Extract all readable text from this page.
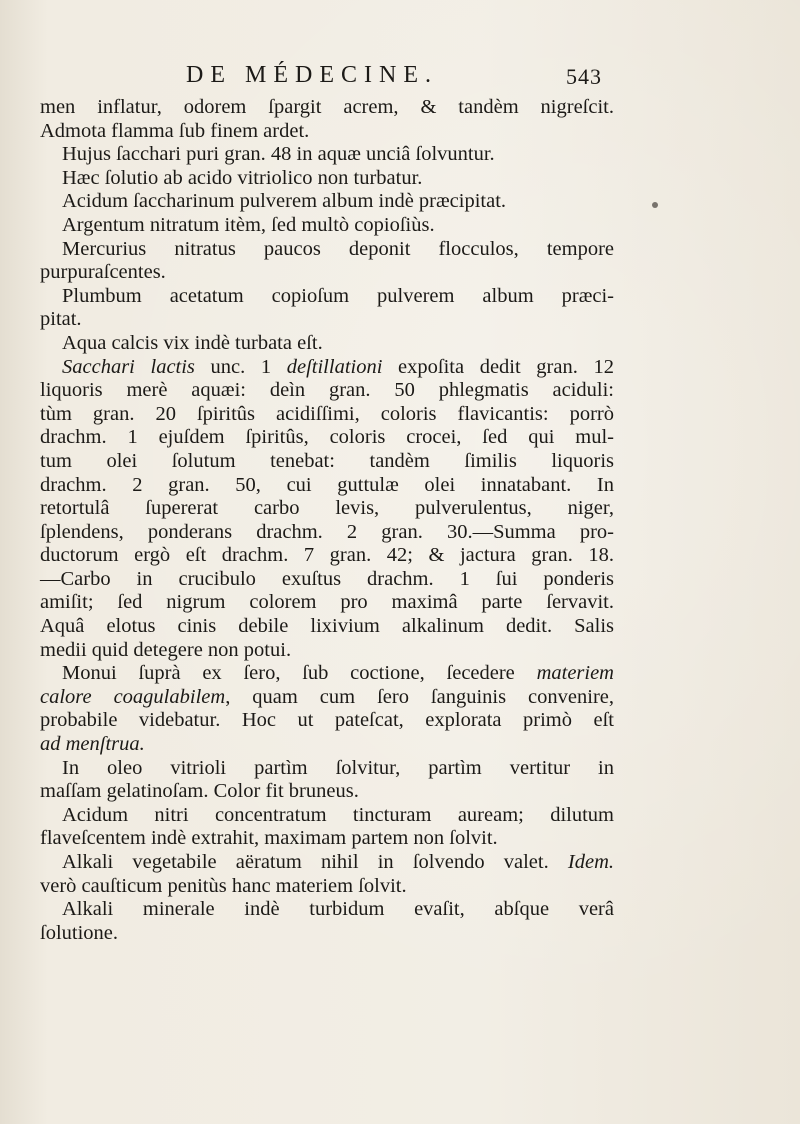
DE MÉDECINE.	543
men inflatur, odorem ſpargit acrem, & tandèm nigreſcit.
Admota flamma ſub finem ardet.
Hujus ſacchari puri gran. 48 in aquæ unciâ ſolvuntur.
Hæc ſolutio ab acido vitriolico non turbatur.
Acidum ſaccharinum pulverem album indè præcipitat.
Argentum nitratum itèm, ſed multò copioſiùs.
Mercurius nitratus paucos deponit flocculos, tempore
purpuraſcentes.
Plumbum acetatum copioſum pulverem album præci-
pitat.
Aqua calcis vix indè turbata eſt.
Sacchari lactis unc. 1 deſtillationi expoſita dedit gran. 12
liquoris merè aquæi: deìn gran. 50 phlegmatis aciduli:
tùm gran. 20 ſpiritûs acidiſſimi, coloris flavicantis: porrò
drachm. 1 ejuſdem ſpiritûs, coloris crocei, ſed qui mul-
tum olei ſolutum tenebat: tandèm ſimilis liquoris
drachm. 2 gran. 50, cui guttulæ olei innatabant. In
retortulâ ſupererat carbo levis, pulverulentus, niger,
ſplendens, ponderans drachm. 2 gran. 30.—Summa pro-
ductorum ergò eſt drachm. 7 gran. 42; & jactura gran. 18.
—Carbo in crucibulo exuſtus drachm. 1 ſui ponderis
amiſit; ſed nigrum colorem pro maximâ parte ſervavit.
Aquâ elotus cinis debile lixivium alkalinum dedit. Salis
medii quid detegere non potui.
Monui ſuprà ex ſero, ſub coctione, ſecedere materiem
calore coagulabilem, quam cum ſero ſanguinis convenire,
probabile videbatur. Hoc ut pateſcat, explorata primò eſt
ad menſtrua.
In oleo vitrioli partìm ſolvitur, partìm vertitur in
maſſam gelatinoſam. Color fit bruneus.
Acidum nitri concentratum tincturam auream; dilutum
flaveſcentem indè extrahit, maximam partem non ſolvit.
Alkali vegetabile aëratum nihil in ſolvendo valet. Idem.
verò cauſticum penitùs hanc materiem ſolvit.
Alkali minerale indè turbidum evaſit, abſque verâ
ſolutione.
